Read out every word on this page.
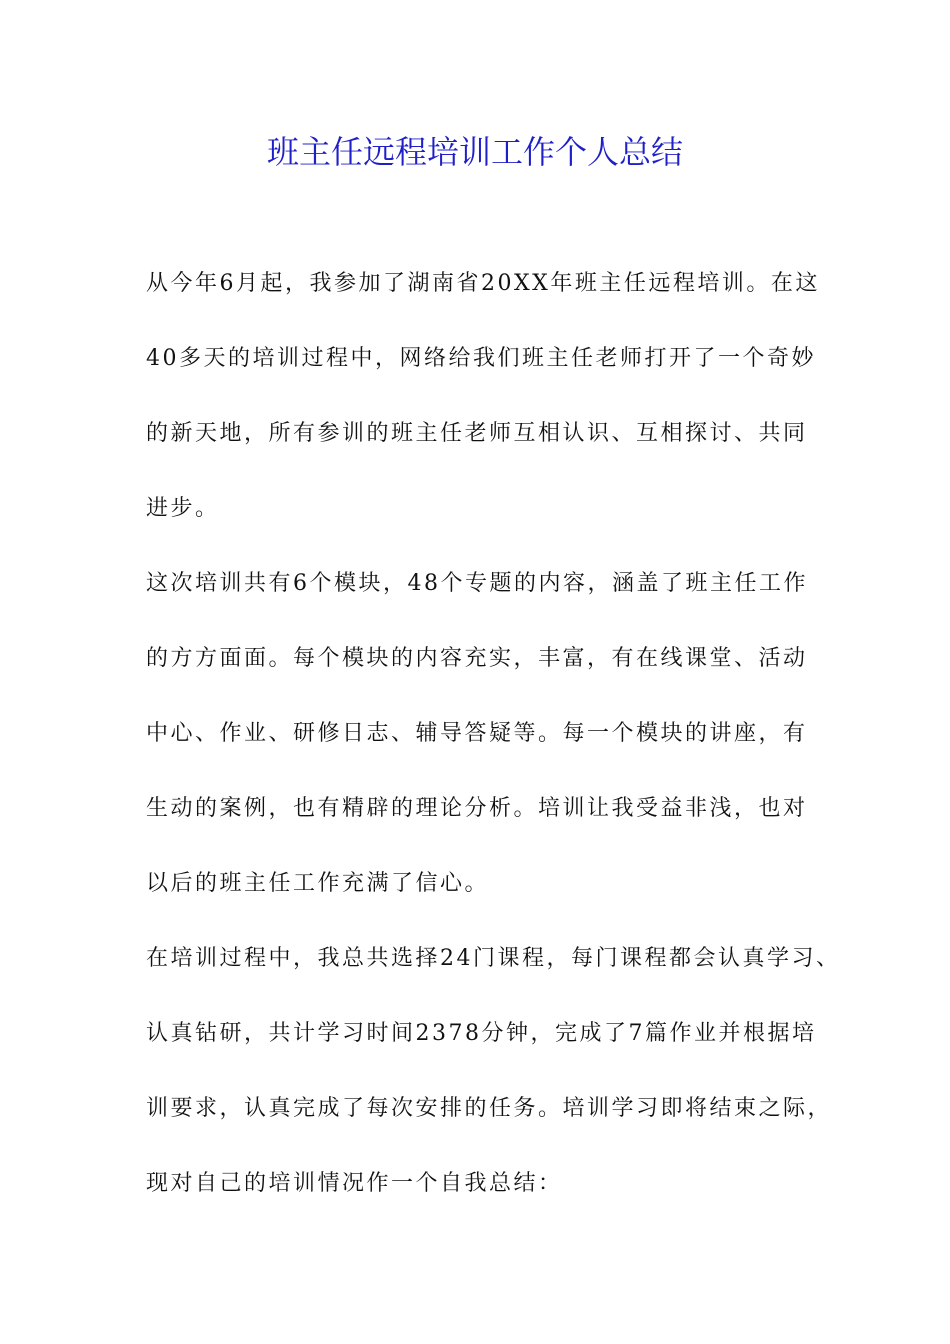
班主任远程培训工作个人总结
从今年6月起，我参加了湖南省20XX年班主任远程培训。在这
40多天的培训过程中，网络给我们班主任老师打开了一个奇妙
的新天地，所有参训的班主任老师互相认识、互相探讨、共同
进步。
这次培训共有6个模块，48个专题的内容，涵盖了班主任工作
的方方面面。每个模块的内容充实，丰富，有在线课堂、活动
中心、作业、研修日志、辅导答疑等。每一个模块的讲座，有
生动的案例，也有精辟的理论分析。培训让我受益非浅，也对
以后的班主任工作充满了信心。
在培训过程中，我总共选择24门课程，每门课程都会认真学习、
认真钻研，共计学习时间2378分钟，完成了7篇作业并根据培
训要求，认真完成了每次安排的任务。培训学习即将结束之际，
现对自己的培训情况作一个自我总结：
